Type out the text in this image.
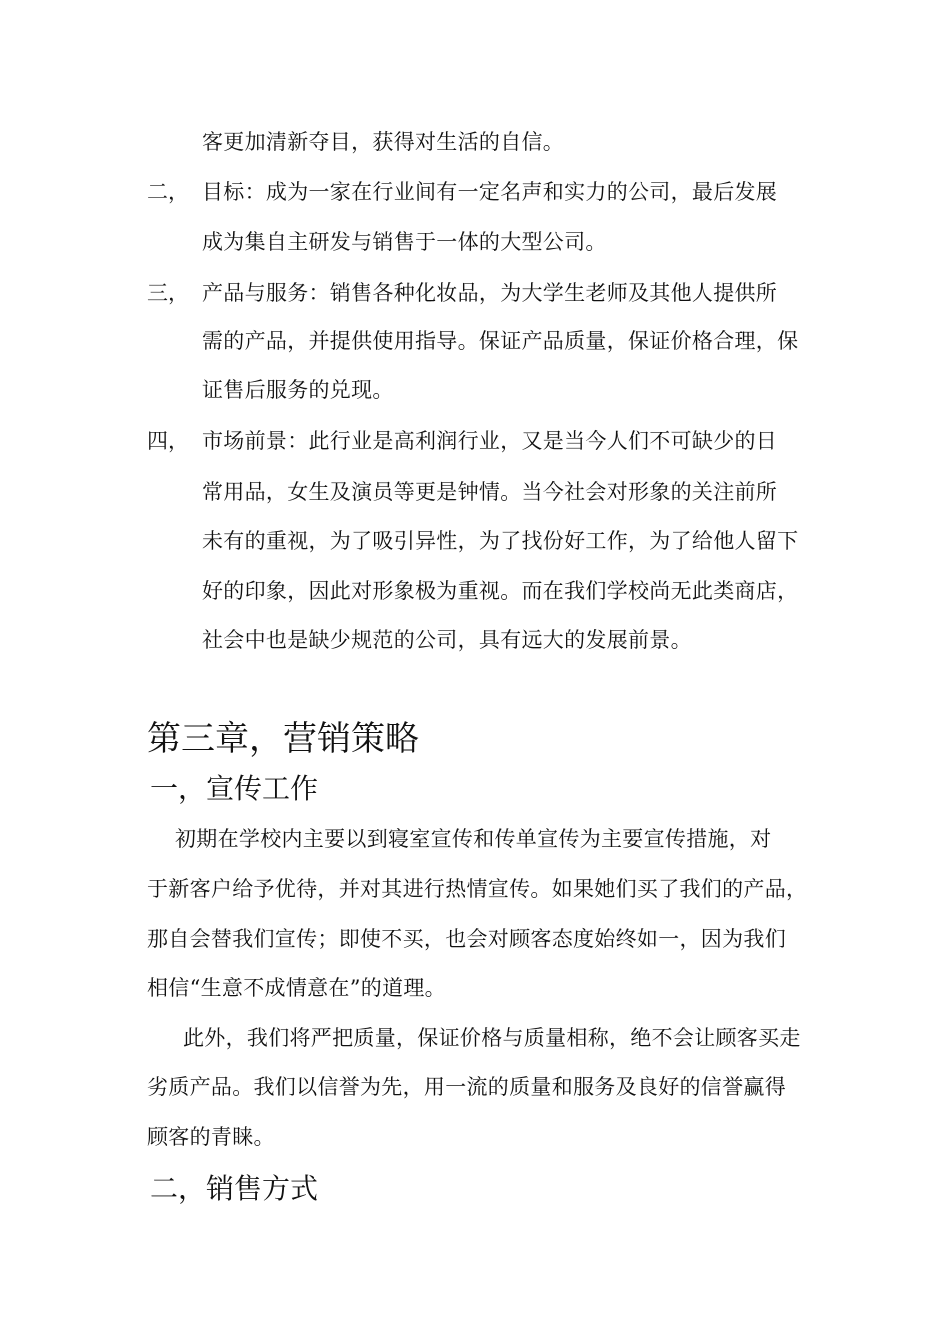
客更加清新夺目，获得对生活的自信。
二， 目标：成为一家在行业间有一定名声和实力的公司，最后发展
成为集自主研发与销售于一体的大型公司。
三， 产品与服务：销售各种化妆品，为大学生老师及其他人提供所
需的产品，并提供使用指导。保证产品质量，保证价格合理，保
证售后服务的兑现。
四， 市场前景：此行业是高利润行业，又是当今人们不可缺少的日
常用品，女生及演员等更是钟情。当今社会对形象的关注前所
未有的重视，为了吸引异性，为了找份好工作，为了给他人留下
好的印象，因此对形象极为重视。而在我们学校尚无此类商店，
社会中也是缺少规范的公司，具有远大的发展前景。
第三章，营销策略
一，宣传工作
初期在学校内主要以到寝室宣传和传单宣传为主要宣传措施，对
于新客户给予优待，并对其进行热情宣传。如果她们买了我们的产品，
那自会替我们宣传；即使不买，也会对顾客态度始终如一，因为我们
相信“生意不成情意在”的道理。
此外，我们将严把质量，保证价格与质量相称，绝不会让顾客买走
劣质产品。我们以信誉为先，用一流的质量和服务及良好的信誉赢得
顾客的青睐。
二，销售方式
